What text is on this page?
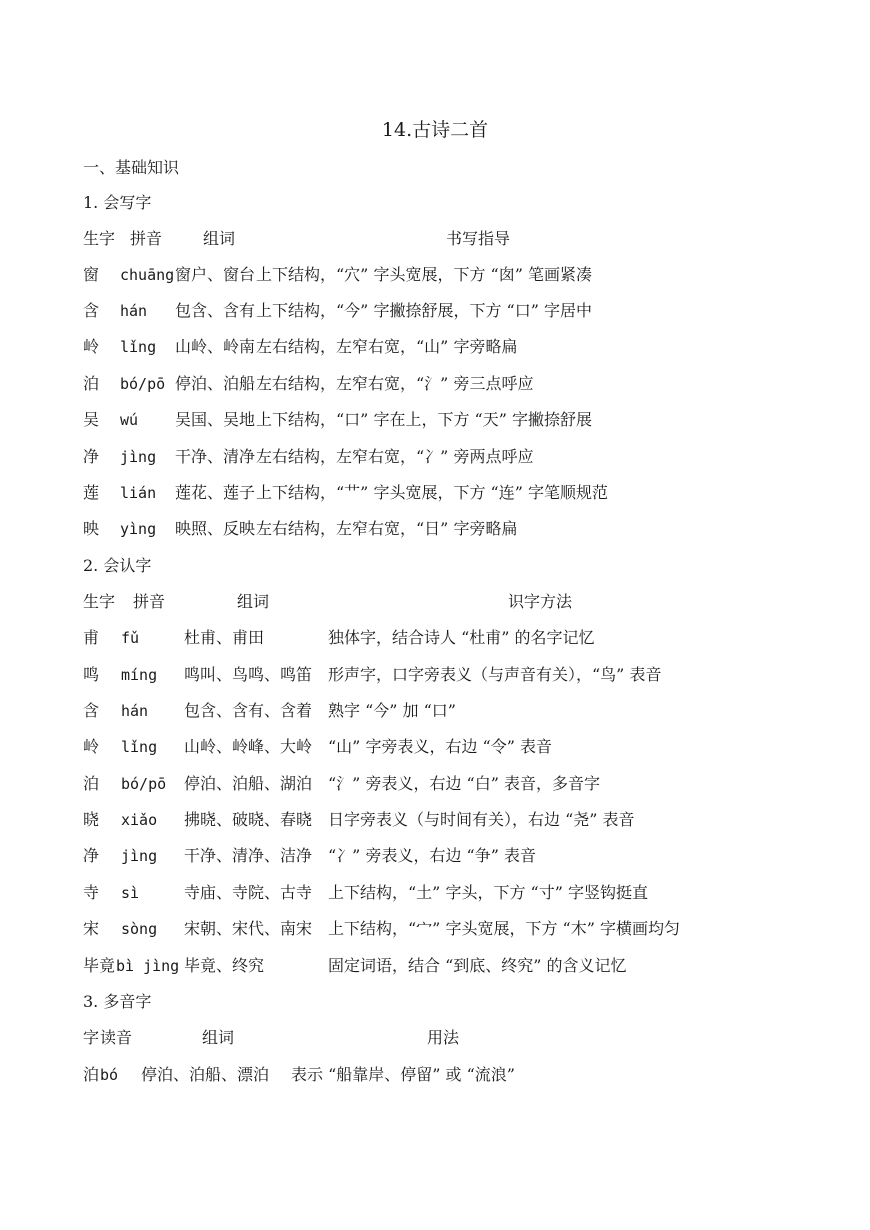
14.古诗二首
一、基础知识
1. 会写字
生字 拼音	组词	书写指导
窗 chuāng 窗户、窗台 上下结构，“穴” 字头宽展，下方 “囱” 笔画紧凑
含 hán 包含、含有 上下结构，“今” 字撇捺舒展，下方 “口” 字居中
岭 lǐng 山岭、岭南 左右结构，左窄右宽，“山” 字旁略扁
泊 bó/pō 停泊、泊船 左右结构，左窄右宽，“氵” 旁三点呼应
吴 wú 吴国、吴地 上下结构，“口” 字在上，下方 “天” 字撇捺舒展
净 jìng 干净、清净 左右结构，左窄右宽，“冫” 旁两点呼应
莲 lián 莲花、莲子 上下结构，“艹” 字头宽展，下方 “连” 字笔顺规范
映 yìng 映照、反映 左右结构，左窄右宽，“日” 字旁略扁
2. 会认字
生字 拼音	组词	识字方法
甫 fǔ	杜甫、甫田	独体字，结合诗人 “杜甫” 的名字记忆
鸣 míng 鸣叫、鸟鸣、鸣笛 形声字，口字旁表义（与声音有关），“鸟” 表音
含 hán 包含、含有、含着 熟字 “今” 加 “口”
岭 lǐng 山岭、岭峰、大岭 “山” 字旁表义，右边 “令” 表音
泊 bó/pō 停泊、泊船、湖泊 “氵” 旁表义，右边 “白” 表音，多音字
晓 xiǎo 拂晓、破晓、春晓 日字旁表义（与时间有关），右边 “尧” 表音
净 jìng 干净、清净、洁净 “冫” 旁表义，右边 “争” 表音
寺 sì	寺庙、寺院、古寺 上下结构，“土” 字头，下方 “寸” 字竖钩挺直
宋 sòng 宋朝、宋代、南宋 上下结构，“宀” 字头宽展，下方 “木” 字横画均匀
毕竟 bì jìng 毕竟、终究	固定词语，结合 “到底、终究” 的含义记忆
3. 多音字
字 读音	组词	用法
泊 bó 停泊、泊船、漂泊 表示 “船靠岸、停留” 或 “流浪”
